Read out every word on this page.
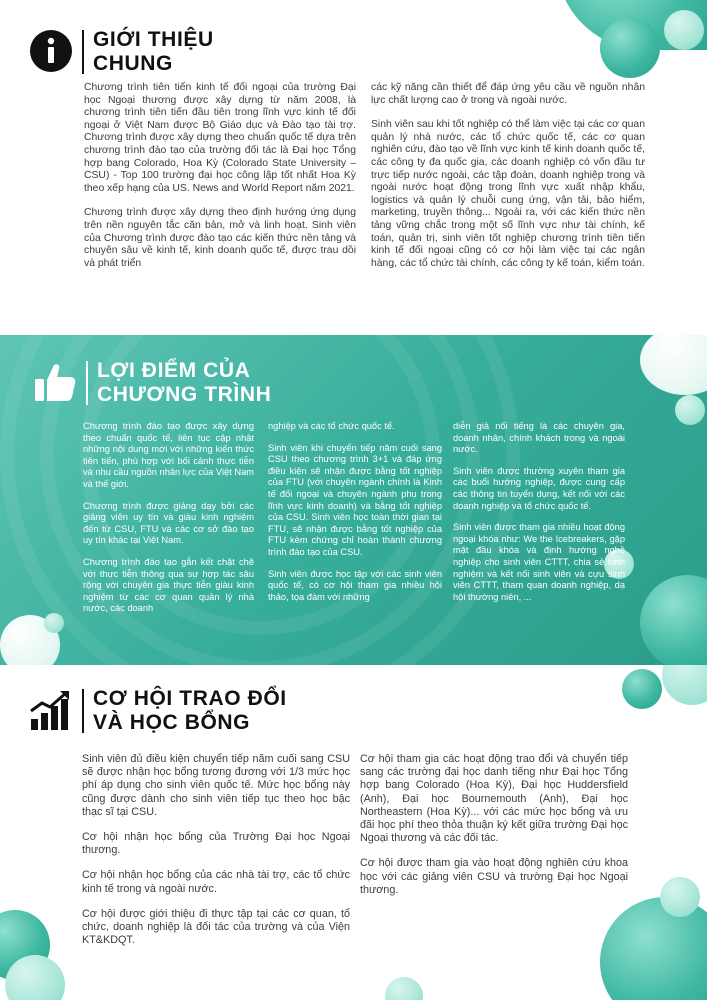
GIỚI THIỆU
CHUNG

Chương trình tiên tiến kinh tế đối ngoại của trường Đại học Ngoại thương được xây dựng từ năm 2008, là chương trình tiên tiến đầu tiên trong lĩnh vực kinh tế đối ngoại ở Việt Nam được Bộ Giáo dục và Đào tạo tài trợ. Chương trình được xây dựng theo chuẩn quốc tế dựa trên chương trình đào tạo của trường đối tác là Đại học Tổng hợp bang Colorado, Hoa Kỳ (Colorado State University – CSU) - Top 100 trường đại học công lập tốt nhất Hoa Kỳ theo xếp hạng của US. News and World Report năm 2021.

Chương trình được xây dựng theo định hướng ứng dụng trên nền nguyên tắc căn bản, mở và linh hoạt. Sinh viên của Chương trình được đào tạo các kiến thức nền tảng và chuyên sâu về kinh tế, kinh doanh quốc tế, được trau dồi và phát triển

các kỹ năng cần thiết để đáp ứng yêu cầu về nguồn nhân lực chất lượng cao ở trong và ngoài nước.

Sinh viên sau khi tốt nghiệp có thể làm việc tại các cơ quan quản lý nhà nước, các tổ chức quốc tế, các cơ quan nghiên cứu, đào tạo về lĩnh vực kinh tế kinh doanh quốc tế, các công ty đa quốc gia, các doanh nghiệp có vốn đầu tư trực tiếp nước ngoài, các tập đoàn, doanh nghiệp trong và ngoài nước hoạt động trong lĩnh vực xuất nhập khẩu, logistics và quản lý chuỗi cung ứng, vận tải, bảo hiểm, marketing, truyền thông... Ngoài ra, với các kiến thức nền tảng vững chắc trong một số lĩnh vực như tài chính, kế toán, quản trị, sinh viên tốt nghiệp chương trình tiên tiến kinh tế đối ngoại cũng có cơ hội làm việc tại các ngân hàng, các tổ chức tài chính, các công ty kế toán, kiểm toán.

LỢI ĐIỂM CỦA
CHƯƠNG TRÌNH

Chương trình đào tạo được xây dựng theo chuẩn quốc tế, liên tục cập nhật những nội dung mới với những kiến thức tiên tiến, phù hợp với bối cảnh thực tiễn và nhu cầu nguồn nhân lực của Việt Nam và thế giới.

Chương trình được giảng dạy bởi các giảng viên uy tín và giàu kinh nghiệm đến từ CSU, FTU và các cơ sở đào tạo uy tín khác tại Việt Nam.

Chương trình đào tạo gắn kết chặt chẽ với thực tiễn thông qua sự hợp tác sâu rộng với chuyên gia thực tiễn giàu kinh nghiệm từ các cơ quan quản lý nhà nước, các doanh

nghiệp và các tổ chức quốc tế.

Sinh viên khi chuyển tiếp năm cuối sang CSU theo chương trình 3+1 và đáp ứng điều kiện sẽ nhận được bằng tốt nghiệp của FTU (với chuyên ngành chính là Kinh tế đối ngoại và chuyên ngành phụ trong lĩnh vực kinh doanh) và bằng tốt nghiệp của CSU. Sinh viên học toàn thời gian tại FTU, sẽ nhận được bằng tốt nghiệp của FTU kèm chứng chỉ hoàn thành chương trình đào tạo của CSU.

Sinh viên được học tập với các sinh viên quốc tế, có cơ hội tham gia nhiều hội thảo, tọa đàm với những

diễn giả nổi tiếng là các chuyên gia, doanh nhân, chính khách trong và ngoài nước.

Sinh viên được thường xuyên tham gia các buổi hướng nghiệp, được cung cấp các thông tin tuyển dụng, kết nối với các doanh nghiệp và tổ chức quốc tế.

Sinh viên được tham gia nhiều hoạt động ngoại khóa như: We the Icebreakers, gặp mặt đầu khóa và định hướng nghề nghiệp cho sinh viên CTTT, chia sẻ kinh nghiệm và kết nối sinh viên và cựu sinh viên CTTT, tham quan doanh nghiệp, dạ hội thường niên, ...

CƠ HỘI TRAO ĐỔI
VÀ HỌC BỔNG

Sinh viên đủ điều kiện chuyển tiếp năm cuối sang CSU sẽ được nhận học bổng tương đương với 1/3 mức học phí áp dụng cho sinh viên quốc tế. Mức học bổng này cũng được dành cho sinh viên tiếp tục theo học bậc thạc sĩ tại CSU.

Cơ hội nhận học bổng của Trường Đại học Ngoại thương.

Cơ hội nhận học bổng của các nhà tài trợ, các tổ chức kinh tế trong và ngoài nước.

Cơ hội được giới thiệu đi thực tập tại các cơ quan, tổ chức, doanh nghiệp là đối tác của trường và của Viện KT&KDQT.

Cơ hội tham gia các hoạt động trao đổi và chuyển tiếp sang các trường đại học danh tiếng như Đại học Tổng hợp bang Colorado (Hoa Kỳ), Đại học Huddersfield (Anh), Đại học Bournemouth (Anh), Đại học Northeastern (Hoa Kỳ)... với các mức học bổng và ưu đãi học phí theo thỏa thuận ký kết giữa trường Đại học Ngoại thương và các đối tác.

Cơ hội được tham gia vào hoạt động nghiên cứu khoa học với các giảng viên CSU và trường Đại học Ngoại thương.
